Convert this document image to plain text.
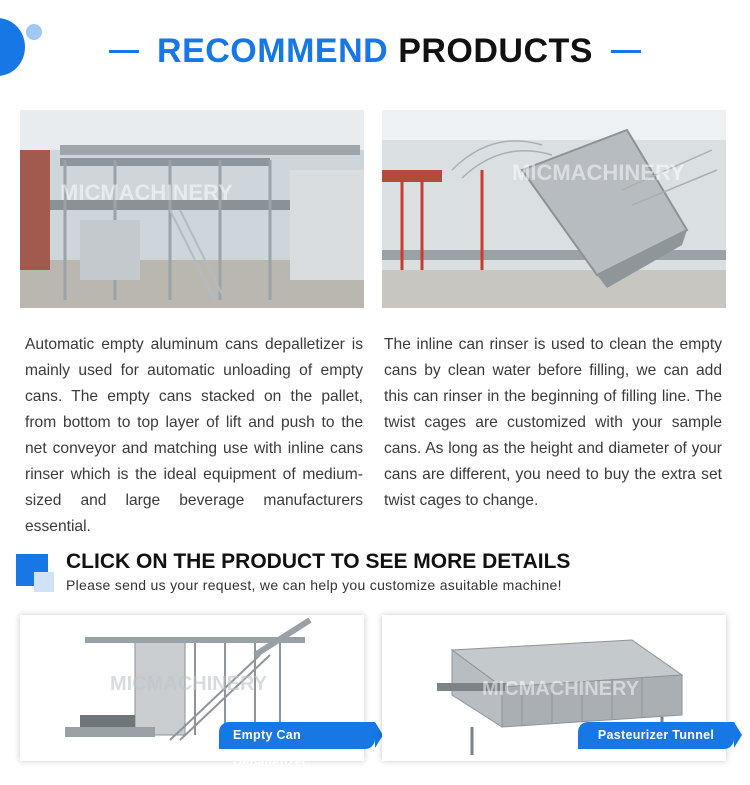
RECOMMEND PRODUCTS
MICMACHINERY
MICMACHINERY
Automatic empty aluminum cans depalletizer is mainly used for automatic unloading of empty cans. The empty cans stacked on the pallet, from bottom to top layer of lift and push to the net conveyor and matching use with inline cans rinser which is the ideal equipment of medium-sized and large beverage manufacturers essential.
The inline can rinser is used to clean the empty cans by clean water before filling, we can add this can rinser in the beginning of filling line. The twist cages are customized with your sample cans. As long as the height and diameter of your cans are different, you need to buy the extra set twist cages to change.
CLICK ON THE PRODUCT TO SEE MORE DETAILS
Please send us your request, we can help you customize asuitable machine!
MICMACHINERY
Empty Can Depalletizer
MICMACHINERY
Pasteurizer Tunnel
